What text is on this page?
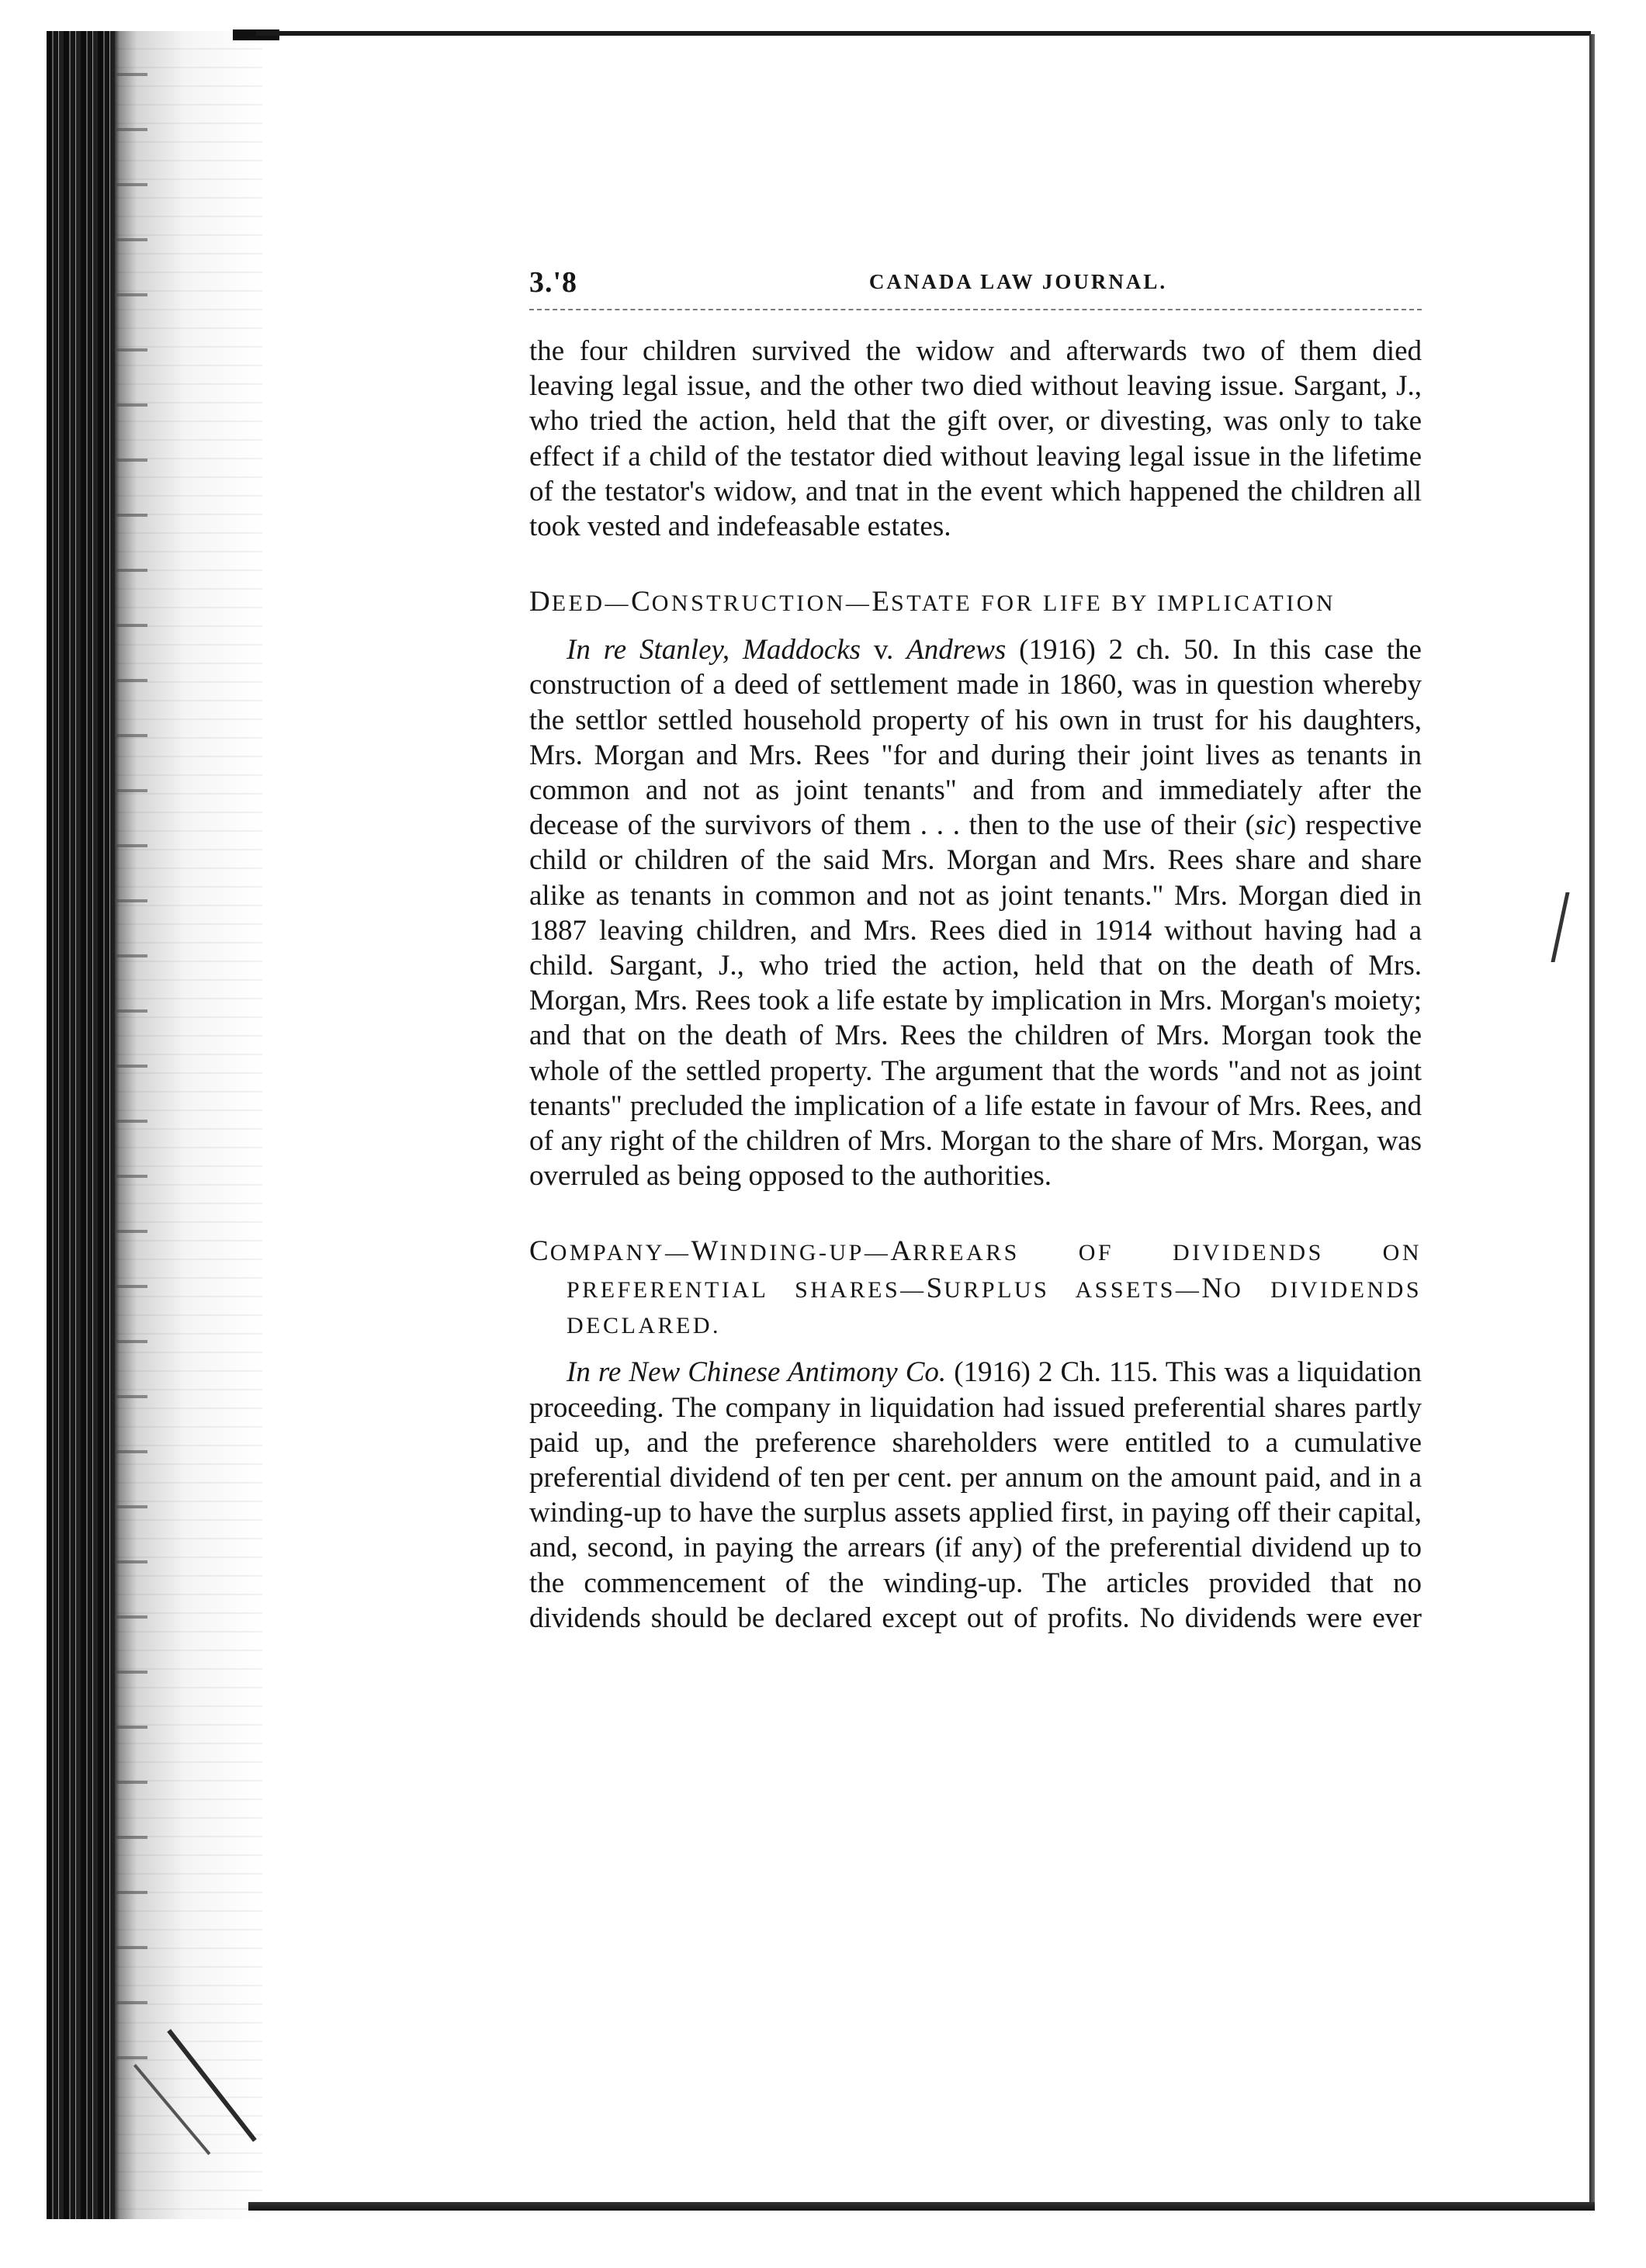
3.'8	CANADA LAW JOURNAL.

the four children survived the widow and afterwards two of them died leaving legal issue, and the other two died without leaving issue. Sargant, J., who tried the action, held that the gift over, or divesting, was only to take effect if a child of the testator died without leaving legal issue in the lifetime of the testator's widow, and tnat in the event which happened the children all took vested and indefeasable estates.

DEED—CONSTRUCTION—ESTATE FOR LIFE BY IMPLICATION

In re Stanley, Maddocks v. Andrews (1916) 2 ch. 50. In this case the construction of a deed of settlement made in 1860, was in question whereby the settlor settled household property of his own in trust for his daughters, Mrs. Morgan and Mrs. Rees "for and during their joint lives as tenants in common and not as joint tenants" and from and immediately after the decease of the survivors of them . . . then to the use of their (sic) respective child or children of the said Mrs. Morgan and Mrs. Rees share and share alike as tenants in common and not as joint tenants." Mrs. Morgan died in 1887 leaving children, and Mrs. Rees died in 1914 without having had a child. Sargant, J., who tried the action, held that on the death of Mrs. Morgan, Mrs. Rees took a life estate by implication in Mrs. Morgan's moiety; and that on the death of Mrs. Rees the children of Mrs. Morgan took the whole of the settled property. The argument that the words "and not as joint tenants" precluded the implication of a life estate in favour of Mrs. Rees, and of any right of the children of Mrs. Morgan to the share of Mrs. Morgan, was overruled as being opposed to the authorities.

COMPANY—WINDING-UP—ARREARS OF DIVIDENDS ON PREFERENTIAL SHARES—SURPLUS ASSETS—NO DIVIDENDS DECLARED.

In re New Chinese Antimony Co. (1916) 2 Ch. 115. This was a liquidation proceeding. The company in liquidation had issued preferential shares partly paid up, and the preference shareholders were entitled to a cumulative preferential dividend of ten per cent. per annum on the amount paid, and in a winding-up to have the surplus assets applied first, in paying off their capital, and, second, in paying the arrears (if any) of the preferential dividend up to the commencement of the winding-up. The articles provided that no dividends should be declared except out of profits. No dividends were ever
